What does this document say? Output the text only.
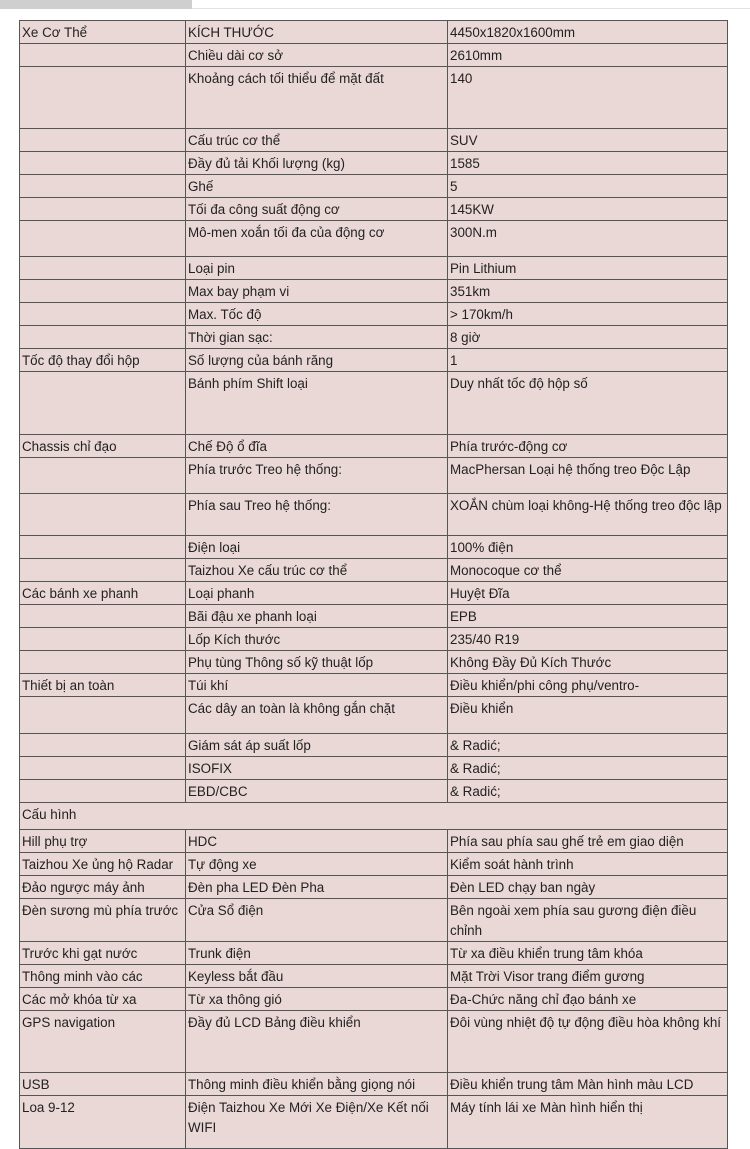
Xe Cơ Thể	KÍCH THƯỚC	4450x1820x1600mm
	Chiều dài cơ sở	2610mm
	Khoảng cách tối thiểu để mặt đất	140
	Cấu trúc cơ thể	SUV
	Đầy đủ tải Khối lượng (kg)	1585
	Ghế	5
	Tối đa công suất động cơ	145KW
	Mô-men xoắn tối đa của động cơ	300N.m
	Loại pin	Pin Lithium
	Max bay phạm vi	351km
	Max. Tốc độ	> 170km/h
	Thời gian sạc:	8 giờ
Tốc độ thay đổi hộp	Số lượng của bánh răng	1
	Bánh phím Shift loại	Duy nhất tốc độ hộp số
Chassis chỉ đạo	Chế Độ ổ đĩa	Phía trước-động cơ
	Phía trước Treo hệ thống:	MacPhersan Loại hệ thống treo Độc Lập
	Phía sau Treo hệ thống:	XOẮN chùm loại không-Hệ thống treo độc lập
	Điện loại	100% điện
	Taizhou Xe cấu trúc cơ thể	Monocoque cơ thể
Các bánh xe phanh	Loại phanh	Huyệt Đĩa
	Bãi đậu xe phanh loại	EPB
	Lốp Kích thước	235/40 R19
	Phụ tùng Thông số kỹ thuật lốp	Không Đầy Đủ Kích Thước
Thiết bị an toàn	Túi khí	Điều khiển/phi công phụ/ventro-
	Các dây an toàn là không gắn chặt	Điều khiển
	Giám sát áp suất lốp	& Radić;
	ISOFIX	& Radić;
	EBD/CBC	& Radić;
Cấu hình		
Hill phụ trợ	HDC	Phía sau phía sau ghế trẻ em giao diện
Taizhou Xe ủng hộ Radar	Tự động xe	Kiểm soát hành trình
Đảo ngược máy ảnh	Đèn pha LED Đèn Pha	Đèn LED chạy ban ngày
Đèn sương mù phía trước	Cửa Sổ điện	Bên ngoài xem phía sau gương điện điều chỉnh
Trước khi gạt nước	Trunk điện	Từ xa điều khiển trung tâm khóa
Thông minh vào các	Keyless bắt đầu	Mặt Trời Visor trang điểm gương
Các mở khóa từ xa	Từ xa thông gió	Đa-Chức năng chỉ đạo bánh xe
GPS navigation	Đầy đủ LCD Bảng điều khiển	Đôi vùng nhiệt độ tự động điều hòa không khí
USB	Thông minh điều khiển bằng giọng nói	Điều khiển trung tâm Màn hình màu LCD
Loa 9-12	Điện Taizhou Xe Mới Xe Điện/Xe Kết nối WIFI	Máy tính lái xe Màn hình hiển thị
